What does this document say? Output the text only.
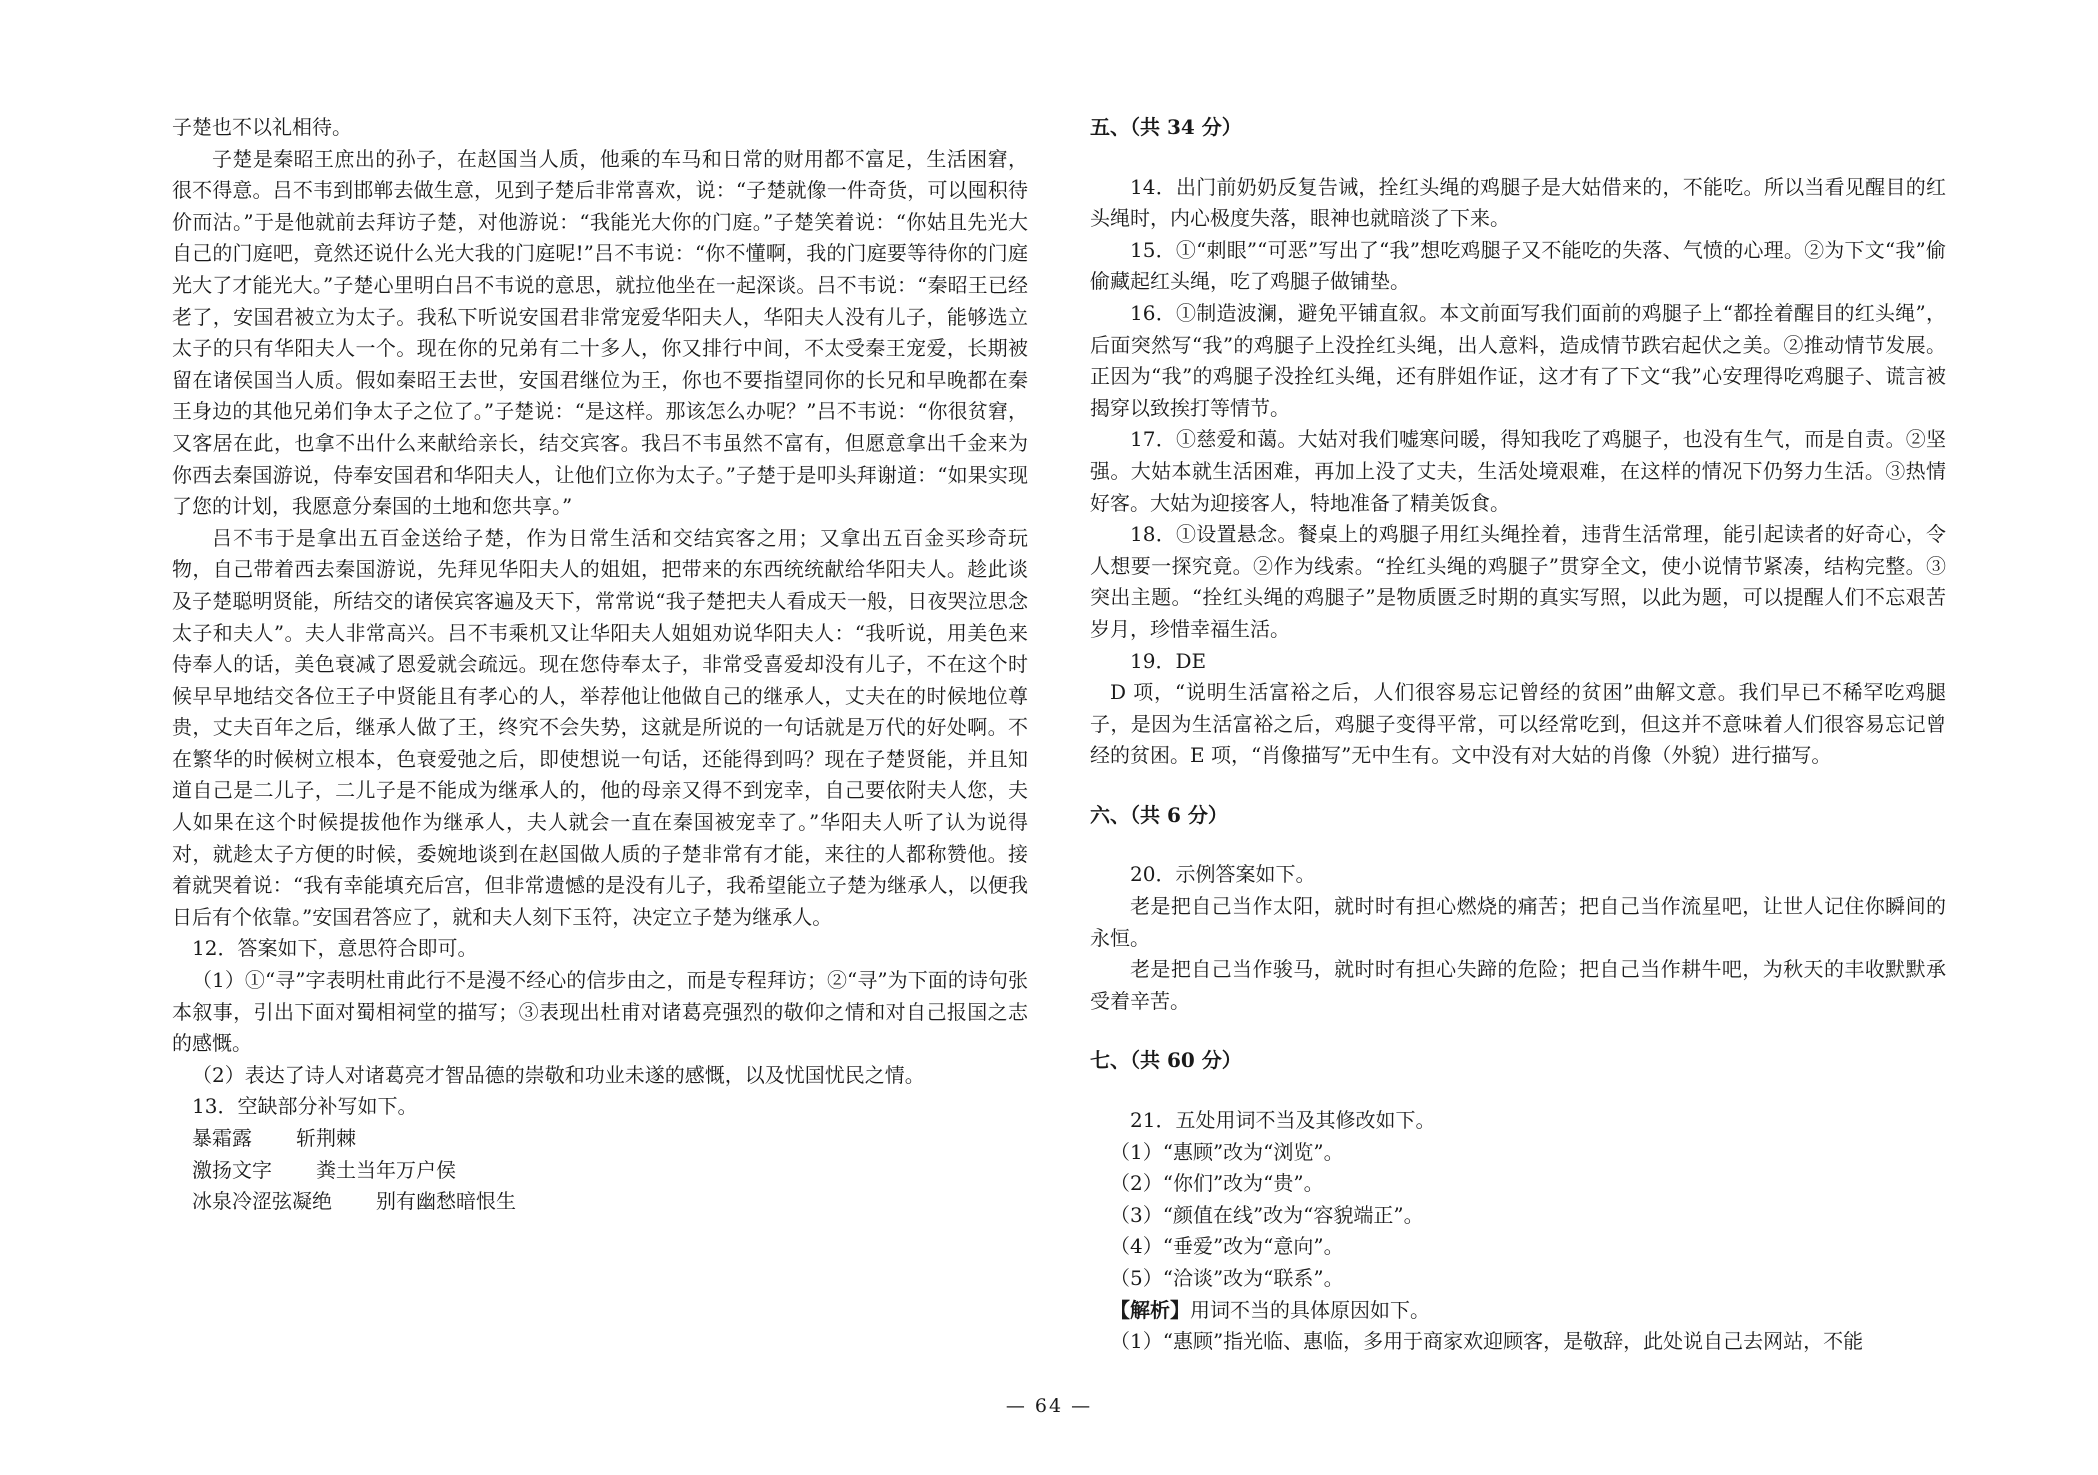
子楚也不以礼相待。

子楚是秦昭王庶出的孙子，在赵国当人质，他乘的车马和日常的财用都不富足，生活困窘，很不得意。吕不韦到邯郸去做生意，见到子楚后非常喜欢，说：“子楚就像一件奇货，可以囤积待价而沽。”于是他就前去拜访子楚，对他游说：“我能光大你的门庭。”子楚笑着说：“你姑且先光大自己的门庭吧，竟然还说什么光大我的门庭呢!”吕不韦说：“你不懂啊，我的门庭要等待你的门庭光大了才能光大。”子楚心里明白吕不韦说的意思，就拉他坐在一起深谈。吕不韦说：“秦昭王已经老了，安国君被立为太子。我私下听说安国君非常宠爱华阳夫人，华阳夫人没有儿子，能够选立太子的只有华阳夫人一个。现在你的兄弟有二十多人，你又排行中间，不太受秦王宠爱，长期被留在诸侯国当人质。假如秦昭王去世，安国君继位为王，你也不要指望同你的长兄和早晚都在秦王身边的其他兄弟们争太子之位了。”子楚说：“是这样。那该怎么办呢？”吕不韦说：“你很贫窘，又客居在此，也拿不出什么来献给亲长，结交宾客。我吕不韦虽然不富有，但愿意拿出千金来为你西去秦国游说，侍奉安国君和华阳夫人，让他们立你为太子。”子楚于是叩头拜谢道：“如果实现了您的计划，我愿意分秦国的土地和您共享。”

吕不韦于是拿出五百金送给子楚，作为日常生活和交结宾客之用；又拿出五百金买珍奇玩物，自己带着西去秦国游说，先拜见华阳夫人的姐姐，把带来的东西统统献给华阳夫人。趁此谈及子楚聪明贤能，所结交的诸侯宾客遍及天下，常常说“我子楚把夫人看成天一般，日夜哭泣思念太子和夫人”。夫人非常高兴。吕不韦乘机又让华阳夫人姐姐劝说华阳夫人：“我听说，用美色来侍奉人的话，美色衰减了恩爱就会疏远。现在您侍奉太子，非常受喜爱却没有儿子，不在这个时候早早地结交各位王子中贤能且有孝心的人，举荐他让他做自己的继承人，丈夫在的时候地位尊贵，丈夫百年之后，继承人做了王，终究不会失势，这就是所说的一句话就是万代的好处啊。不在繁华的时候树立根本，色衰爱弛之后，即使想说一句话，还能得到吗？现在子楚贤能，并且知道自己是二儿子，二儿子是不能成为继承人的，他的母亲又得不到宠幸，自己要依附夫人您，夫人如果在这个时候提拔他作为继承人，夫人就会一直在秦国被宠幸了。”华阳夫人听了认为说得对，就趁太子方便的时候，委婉地谈到在赵国做人质的子楚非常有才能，来往的人都称赞他。接着就哭着说：“我有幸能填充后宫，但非常遗憾的是没有儿子，我希望能立子楚为继承人，以便我日后有个依靠。”安国君答应了，就和夫人刻下玉符，决定立子楚为继承人。

12．答案如下，意思符合即可。

（1）①“寻”字表明杜甫此行不是漫不经心的信步由之，而是专程拜访；②“寻”为下面的诗句张本叙事，引出下面对蜀相祠堂的描写；③表现出杜甫对诸葛亮强烈的敬仰之情和对自己报国之志的感慨。

（2）表达了诗人对诸葛亮才智品德的崇敬和功业未遂的感慨，以及忧国忧民之情。

13．空缺部分补写如下。

暴霜露 斩荆棘

激扬文字 粪土当年万户侯

冰泉冷涩弦凝绝 别有幽愁暗恨生

五、（共 34 分）

14．出门前奶奶反复告诫，拴红头绳的鸡腿子是大姑借来的，不能吃。所以当看见醒目的红头绳时，内心极度失落，眼神也就暗淡了下来。

15．①“刺眼”“可恶”写出了“我”想吃鸡腿子又不能吃的失落、气愤的心理。②为下文“我”偷偷藏起红头绳，吃了鸡腿子做铺垫。

16．①制造波澜，避免平铺直叙。本文前面写我们面前的鸡腿子上“都拴着醒目的红头绳”，后面突然写“我”的鸡腿子上没拴红头绳，出人意料，造成情节跌宕起伏之美。②推动情节发展。正因为“我”的鸡腿子没拴红头绳，还有胖姐作证，这才有了下文“我”心安理得吃鸡腿子、谎言被揭穿以致挨打等情节。

17．①慈爱和蔼。大姑对我们嘘寒问暖，得知我吃了鸡腿子，也没有生气，而是自责。②坚强。大姑本就生活困难，再加上没了丈夫，生活处境艰难，在这样的情况下仍努力生活。③热情好客。大姑为迎接客人，特地准备了精美饭食。

18．①设置悬念。餐桌上的鸡腿子用红头绳拴着，违背生活常理，能引起读者的好奇心，令人想要一探究竟。②作为线索。“拴红头绳的鸡腿子”贯穿全文，使小说情节紧凑，结构完整。③突出主题。“拴红头绳的鸡腿子”是物质匮乏时期的真实写照，以此为题，可以提醒人们不忘艰苦岁月，珍惜幸福生活。

19．DE

D 项，“说明生活富裕之后，人们很容易忘记曾经的贫困”曲解文意。我们早已不稀罕吃鸡腿子，是因为生活富裕之后，鸡腿子变得平常，可以经常吃到，但这并不意味着人们很容易忘记曾经的贫困。E 项，“肖像描写”无中生有。文中没有对大姑的肖像（外貌）进行描写。

六、（共 6 分）

20．示例答案如下。

老是把自己当作太阳，就时时有担心燃烧的痛苦；把自己当作流星吧，让世人记住你瞬间的永恒。

老是把自己当作骏马，就时时有担心失蹄的危险；把自己当作耕牛吧，为秋天的丰收默默承受着辛苦。

七、（共 60 分）

21．五处用词不当及其修改如下。

（1）“惠顾”改为“浏览”。

（2）“你们”改为“贵”。

（3）“颜值在线”改为“容貌端正”。

（4）“垂爱”改为“意向”。

（5）“洽谈”改为“联系”。

【解析】用词不当的具体原因如下。

（1）“惠顾”指光临、惠临，多用于商家欢迎顾客，是敬辞，此处说自己去网站，不能

— 64 —
